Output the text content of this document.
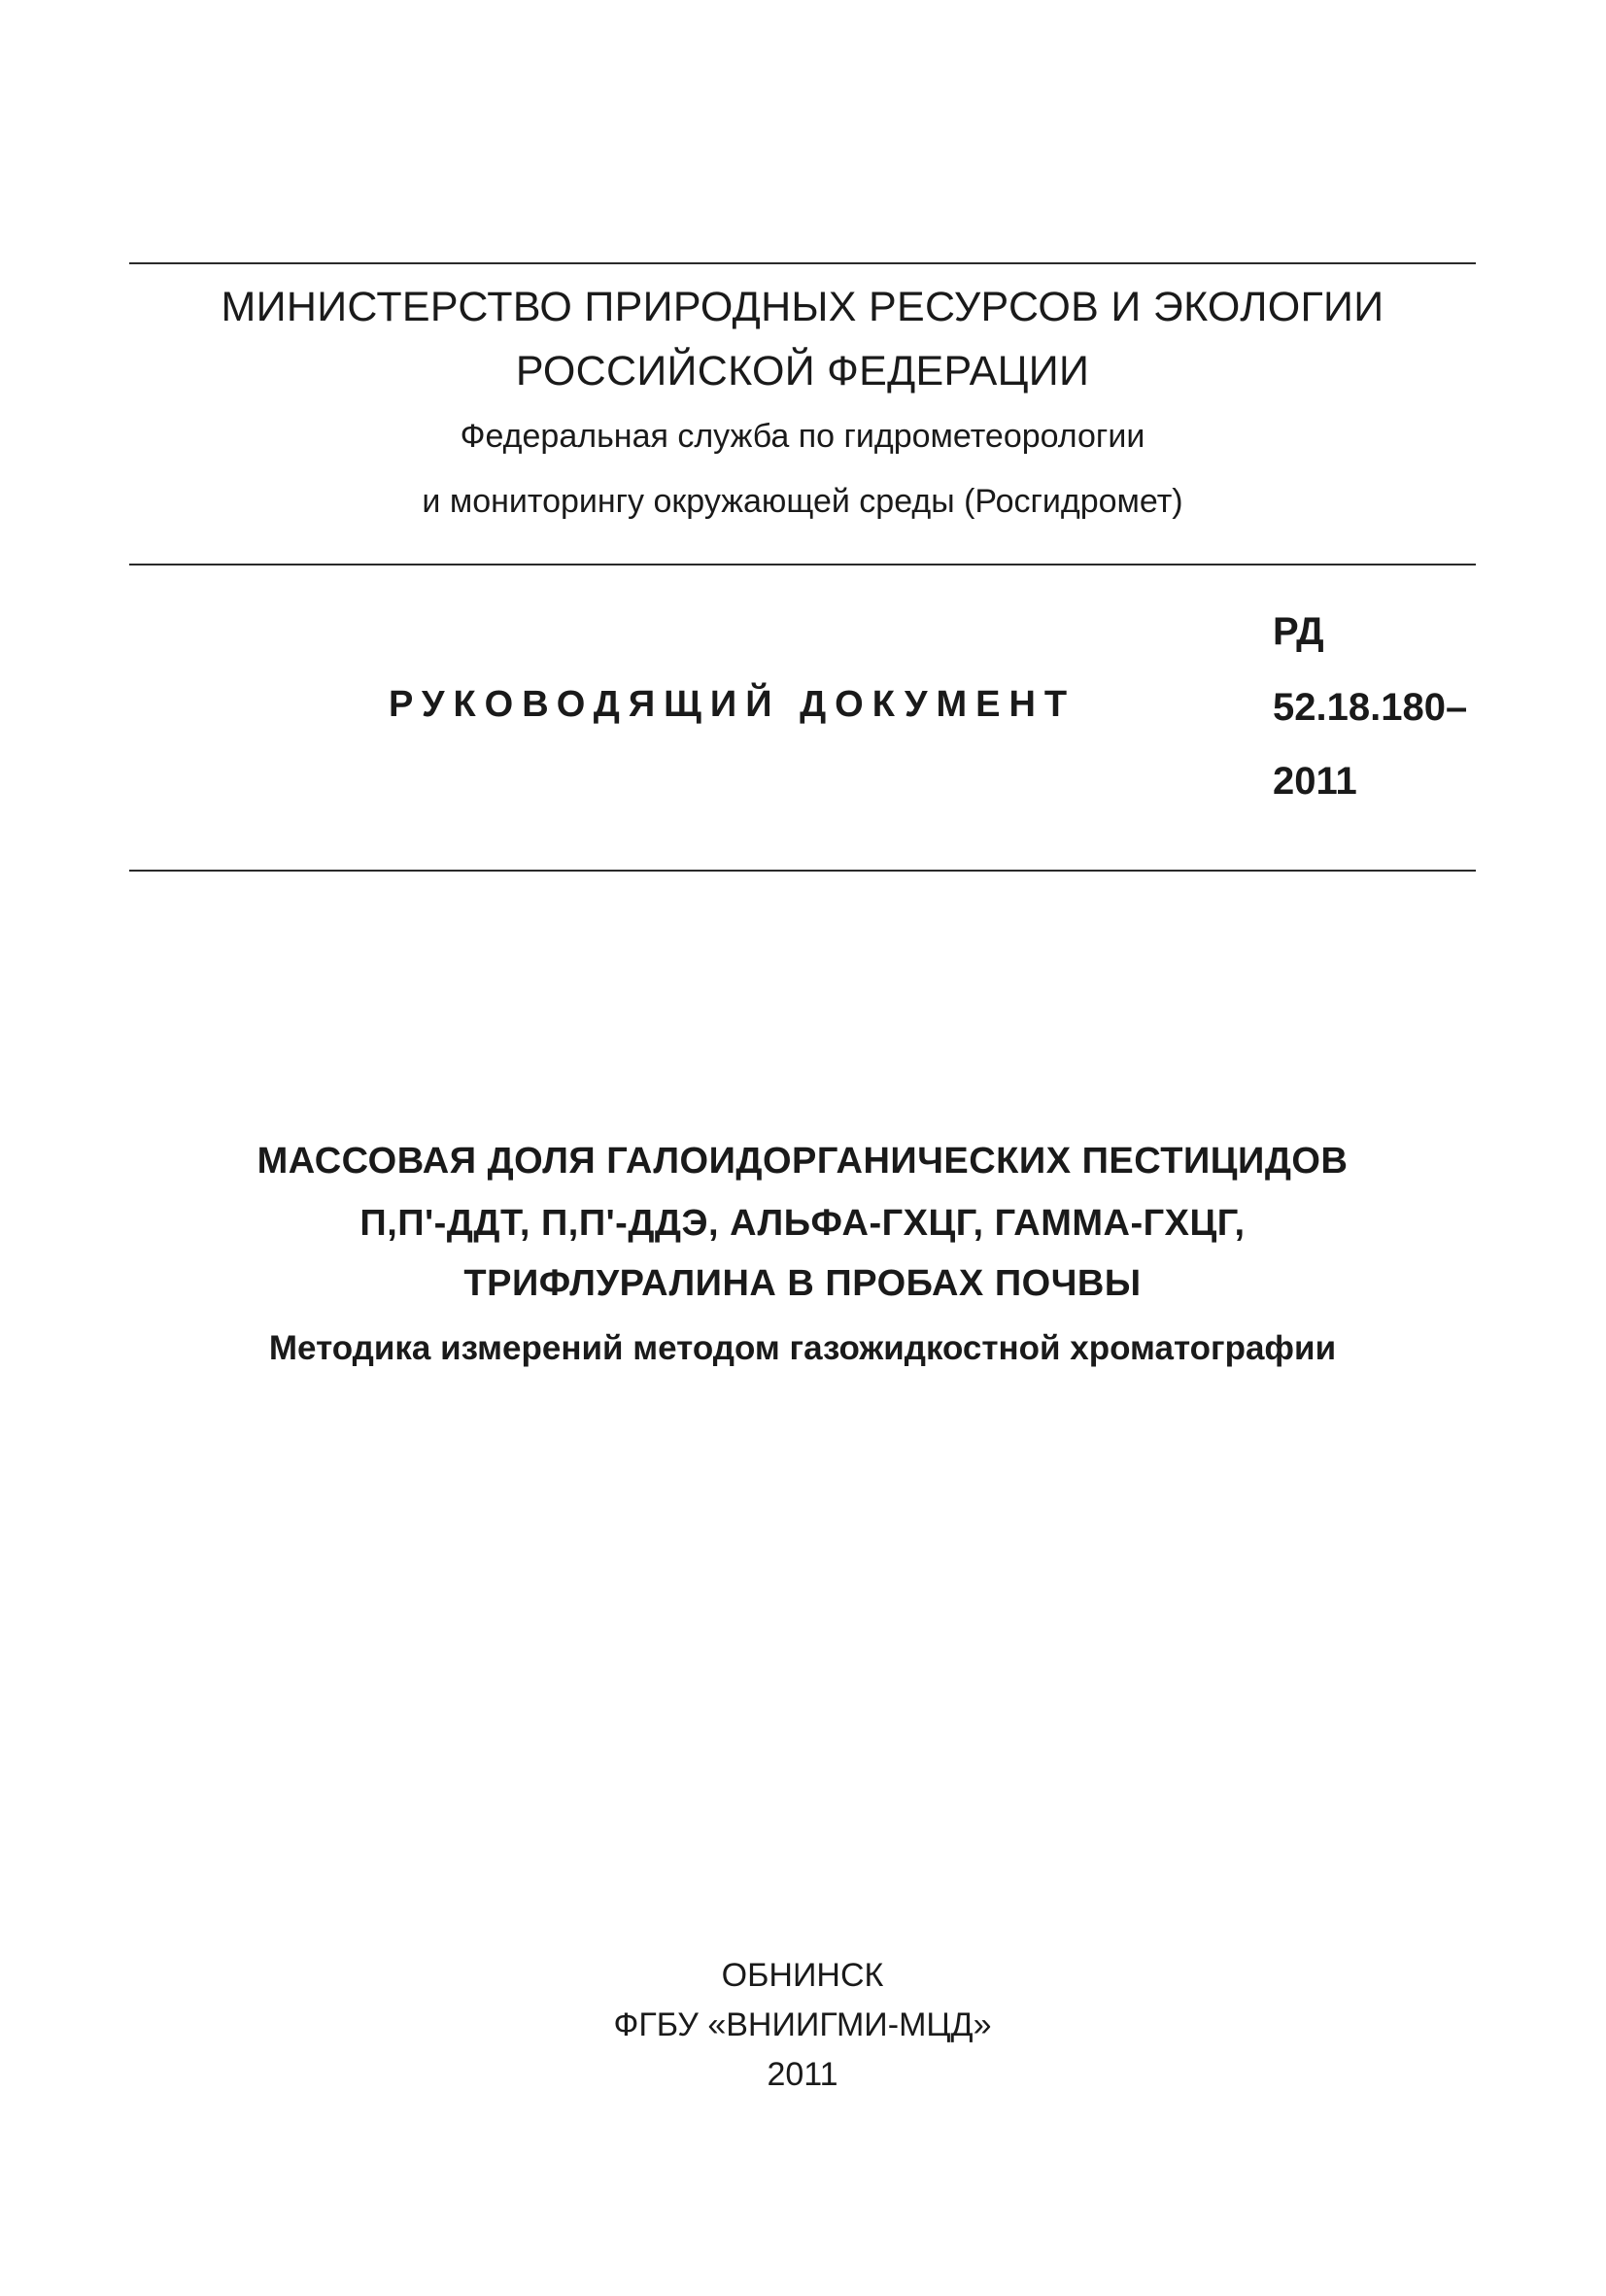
МИНИСТЕРСТВО ПРИРОДНЫХ РЕСУРСОВ И ЭКОЛОГИИ
РОССИЙСКОЙ ФЕДЕРАЦИИ
Федеральная служба по гидрометеорологии
и мониторингу окружающей среды (Росгидромет)
РУКОВОДЯЩИЙ ДОКУМЕНТ
РД
52.18.180–
2011
МАССОВАЯ ДОЛЯ ГАЛОИДОРГАНИЧЕСКИХ ПЕСТИЦИДОВ
П,П'-ДДТ, П,П'-ДДЭ, АЛЬФА-ГХЦГ, ГАММА-ГХЦГ,
ТРИФЛУРАЛИНА В ПРОБАХ ПОЧВЫ
Методика измерений методом газожидкостной хроматографии
ОБНИНСК
ФГБУ «ВНИИГМИ-МЦД»
2011
